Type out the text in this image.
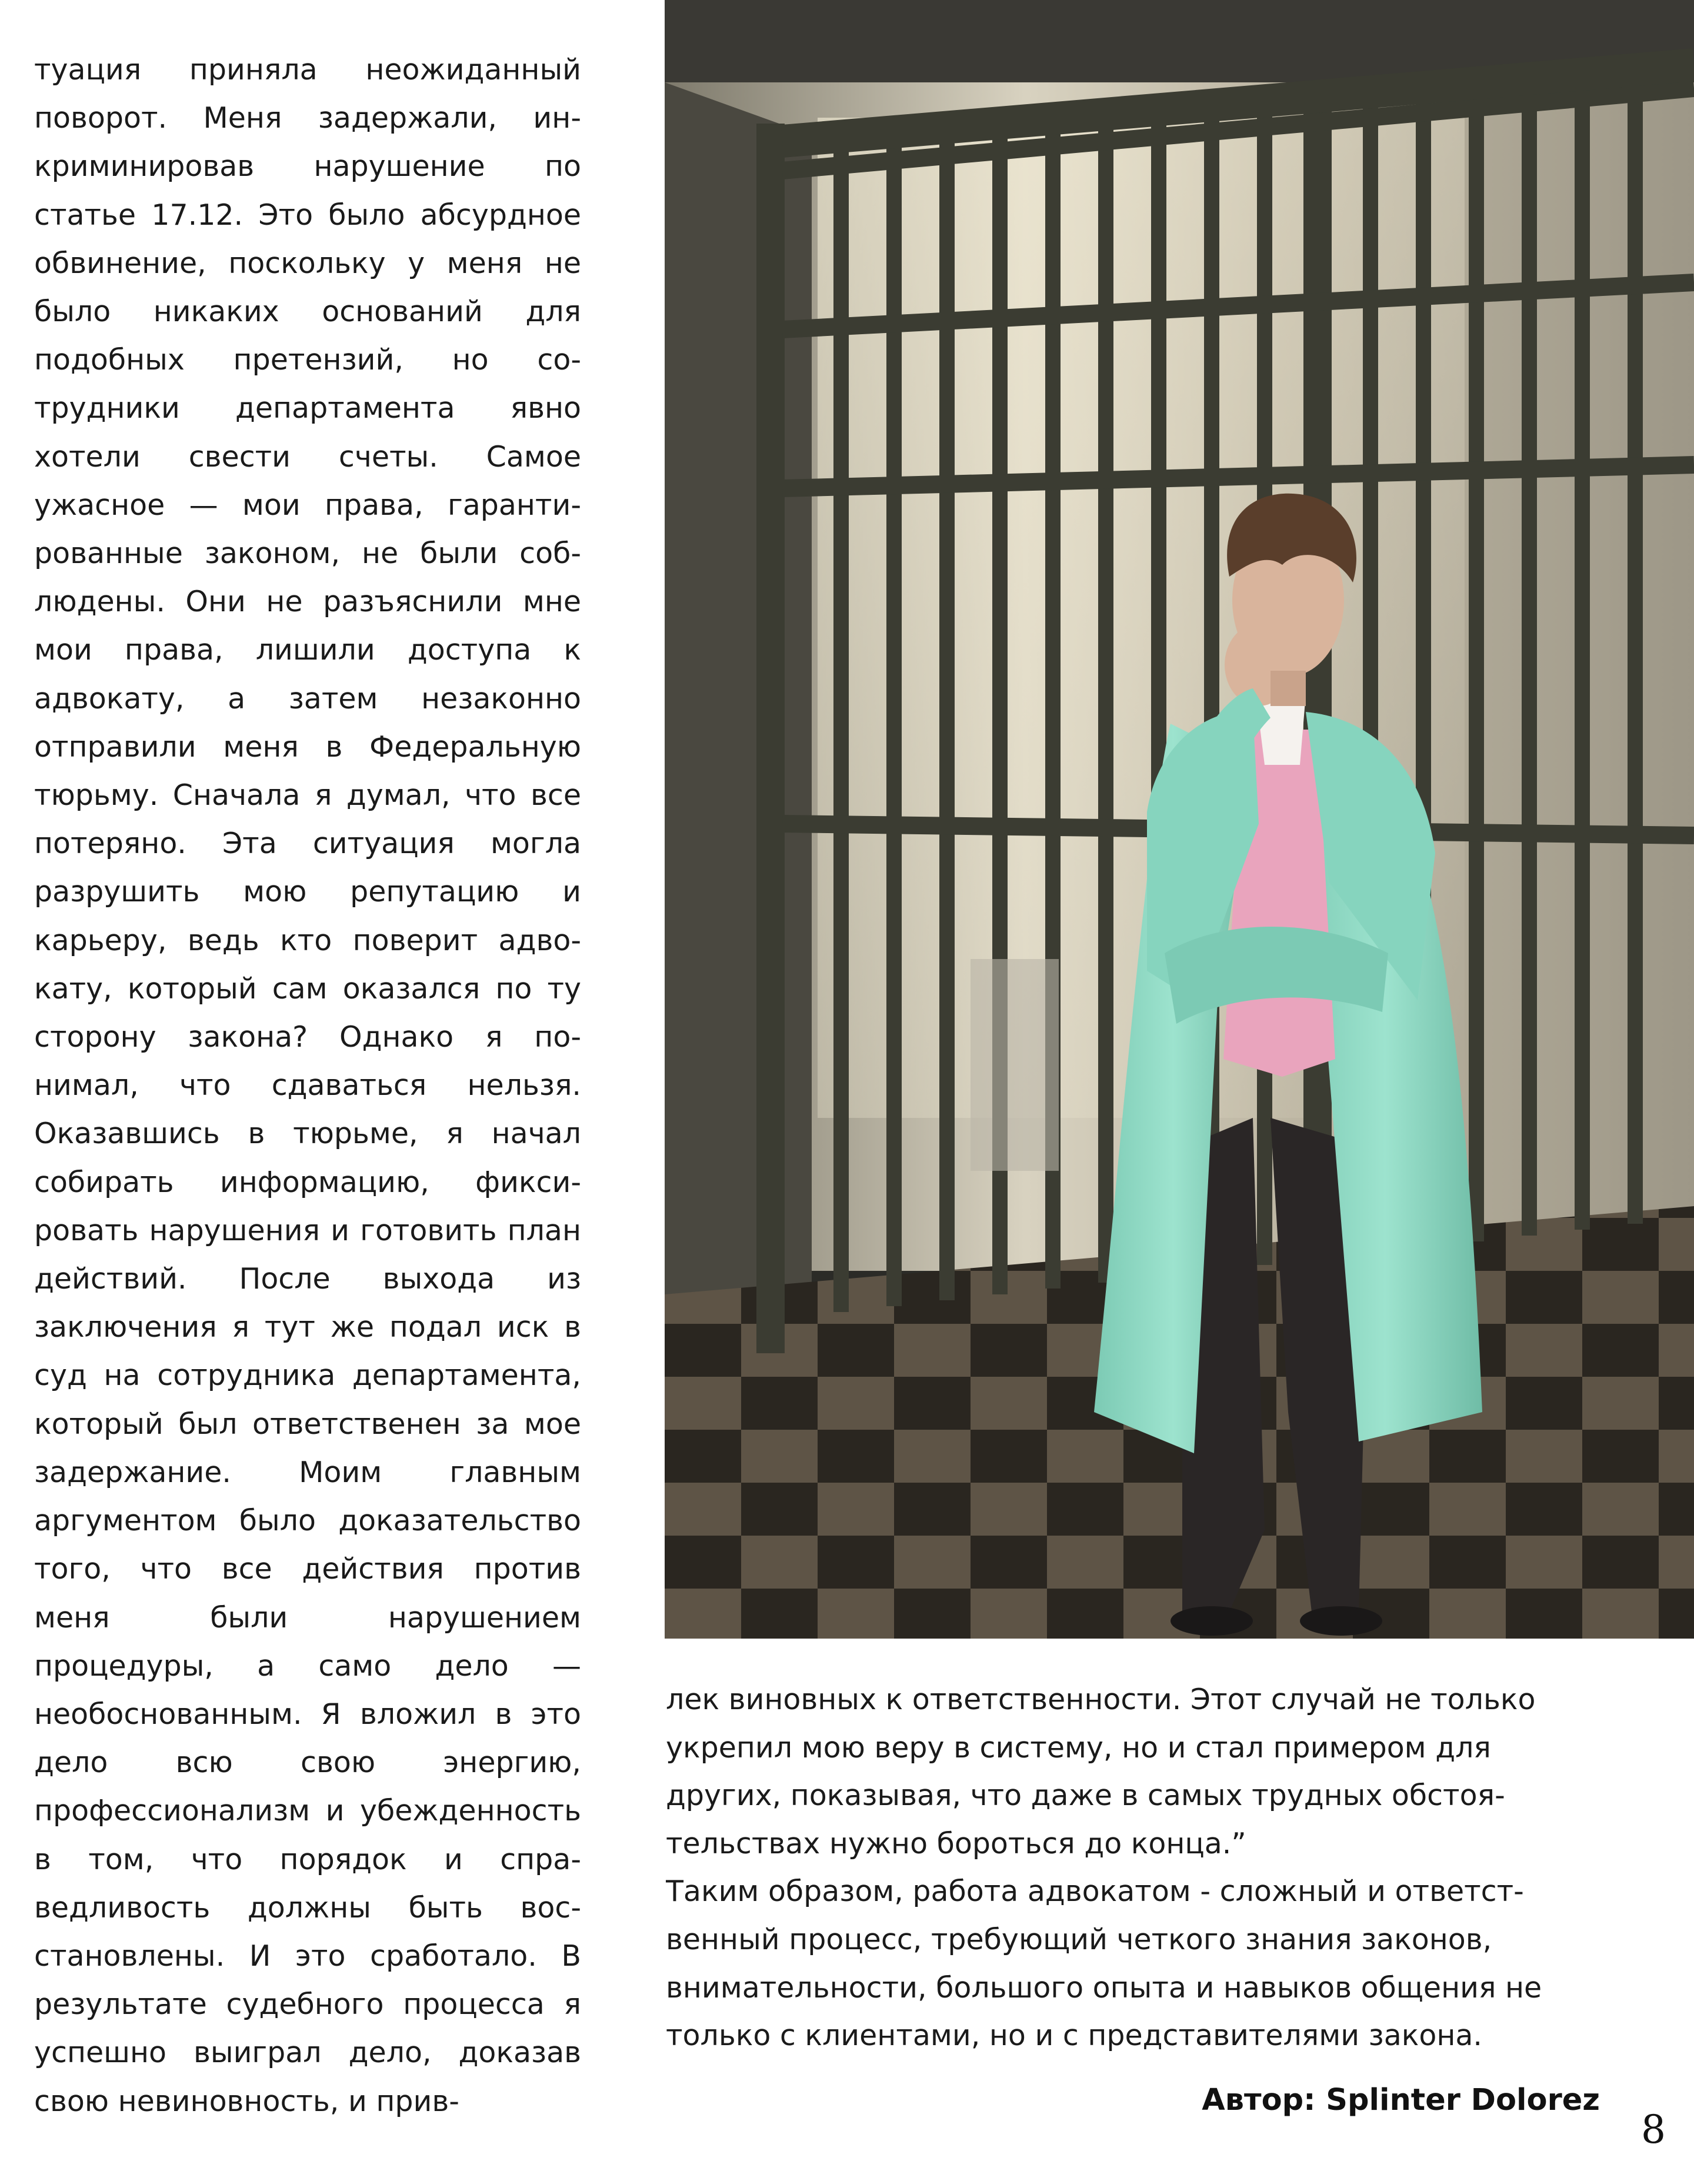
туация приняла неожиданный поворот. Меня задержали, инкриминировав нарушение по статье 17.12. Это было абсурдное обвинение, поскольку у меня не было никаких оснований для подобных претензий, но сотрудники департамента явно хотели свести счеты. Самое ужасное — мои права, гарантированные законом, не были соблюдены. Они не разъяснили мне мои права, лишили доступа к адвокату, а затем незаконно отправили меня в Федеральную тюрьму. Сначала я думал, что все потеряно. Эта ситуация могла разрушить мою репутацию и карьеру, ведь кто поверит адвокату, который сам оказался по ту сторону закона? Однако я понимал, что сдаваться нельзя. Оказавшись в тюрьме, я начал собирать информацию, фиксировать нарушения и готовить план действий. После выхода из заключения я тут же подал иск в суд на сотрудника департамента, который был ответственен за мое задержание. Моим главным аргументом было доказательство того, что все действия против меня были нарушением процедуры, а само дело — необоснованным. Я вложил в это дело всю свою энергию, профессионализм и убежденность в том, что порядок и справедливость должны быть восстановлены. И это сработало. В результате судебного процесса я успешно выиграл дело, доказав свою невиновность, и прив-

лек виновных к ответственности. Этот случай не только укрепил мою веру в систему, но и стал примером для других, показывая, что даже в самых трудных обстоятельствах нужно бороться до конца.”

Таким образом, работа адвокатом - сложный и ответственный процесс, требующий четкого знания законов, внимательности, большого опыта и навыков общения не только с клиентами, но и с представителями закона.

Автор: Splinter Dolorez
8
